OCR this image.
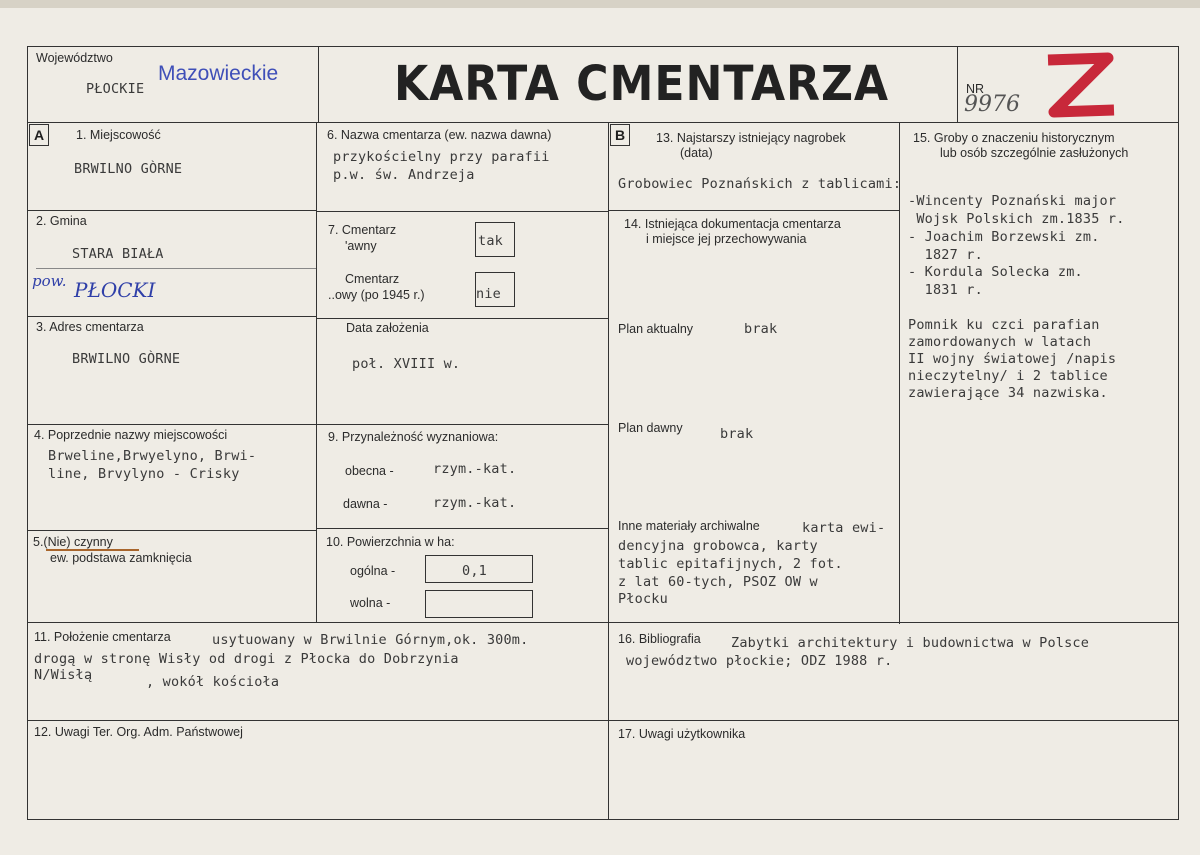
Województwo
PŁOCKIE
Mazowieckie KARTA CMENTARZA	NR
9976
A	1. Miejscowość
BRWILNO GÒRNE
2. Gmina
STARA BIAŁA
pow. PŁOCKI
3. Adres cmentarza
BRWILNO GÒRNE
4. Poprzednie nazwy miejscowości
Brweline,Brwyelyno, Brwi-
line, Brvylyno - Crisky
5.(Nie) czynny
ew. podstawa zamknięcia
6. Nazwa cmentarza (ew. nazwa dawna)
przykościelny przy parafii
p.w. św. Andrzeja
7. Cmentarz
'awny	tak
Cmentarz
..owy (po 1945 r.)	nie
Data założenia
poł. XVIII w.
9. Przynależność wyznaniowa:
obecna -	rzym.-kat.
dawna -	rzym.-kat.
10. Powierzchnia w ha:
ogólna -	0,1
wolna -
B	13. Najstarszy istniejący nagrobek
(data)
Grobowiec Poznańskich z tablicami:
14. Istniejąca dokumentacja cmentarza
i miejsce jej przechowywania
Plan aktualny	brak
Plan dawny	brak
Inne materiały archiwalne	karta ewi-
dencyjna grobowca, karty
tablic epitafijnych, 2 fot.
z lat 60-tych, PSOZ OW w
Płocku
15. Groby o znaczeniu historycznym
lub osób szczególnie zasłużonych
-Wincenty Poznański major
Wojsk Polskich zm.1835 r.
- Joachim Borzewski zm.
1827 r.
- Kordula Solecka zm.
1831 r.
Pomnik ku czci parafian
zamordowanych w latach
II wojny światowej /napis
nieczytelny/ i 2 tablice
zawierające 34 nazwiska.
11. Położenie cmentarza	usytuowany w Brwilnie Górnym,ok. 300m.
drogą w stronę Wisły od drogi z Płocka do Dobrzynia
N/Wisłą	, wokół kościoła
16. Bibliografia Zabytki architektury i budownictwa w Polsce
województwo płockie; ODZ 1988 r.
12. Uwagi Ter. Org. Adm. Państwowej	17. Uwagi użytkownika
